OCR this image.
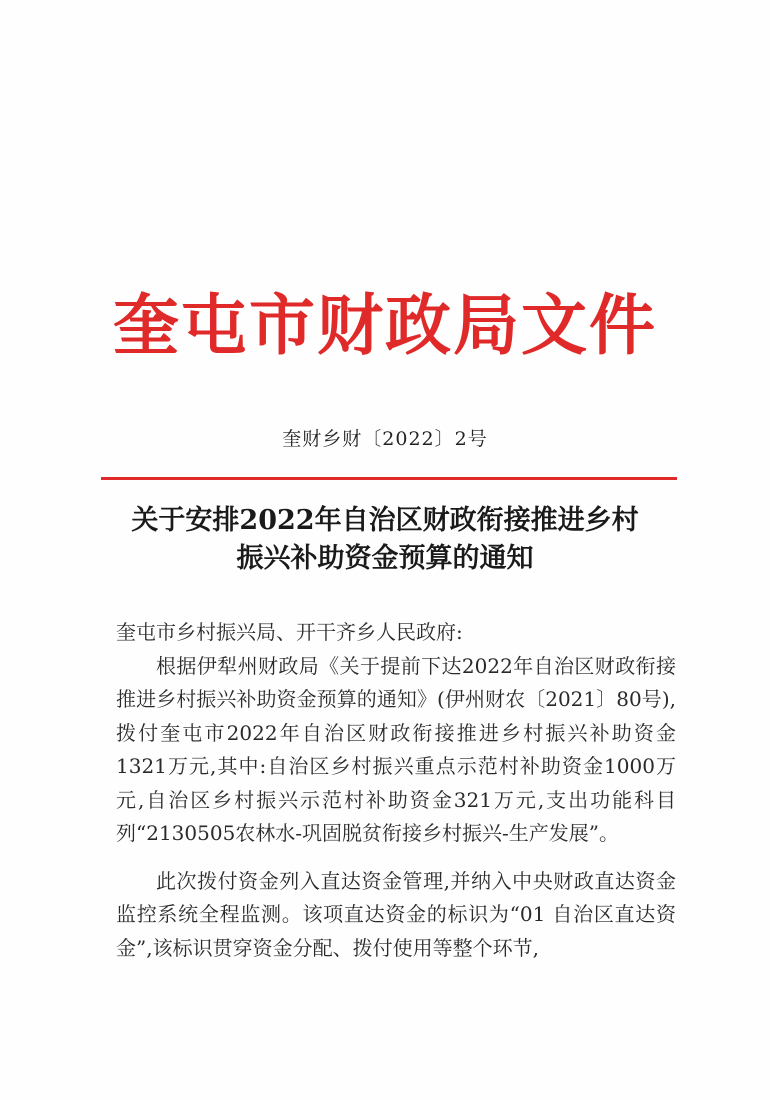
奎屯市财政局文件
奎财乡财〔2022〕2号
关于安排2022年自治区财政衔接推进乡村
振兴补助资金预算的通知

奎屯市乡村振兴局、开干齐乡人民政府:

根据伊犁州财政局《关于提前下达2022年自治区财政衔接推进乡村振兴补助资金预算的通知》(伊州财农〔2021〕80号),拨付奎屯市2022年自治区财政衔接推进乡村振兴补助资金1321万元,其中:自治区乡村振兴重点示范村补助资金1000万元,自治区乡村振兴示范村补助资金321万元,支出功能科目列“2130505农林水-巩固脱贫衔接乡村振兴-生产发展”。

此次拨付资金列入直达资金管理,并纳入中央财政直达资金监控系统全程监测。该项直达资金的标识为“01 自治区直达资金”,该标识贯穿资金分配、拨付使用等整个环节,
